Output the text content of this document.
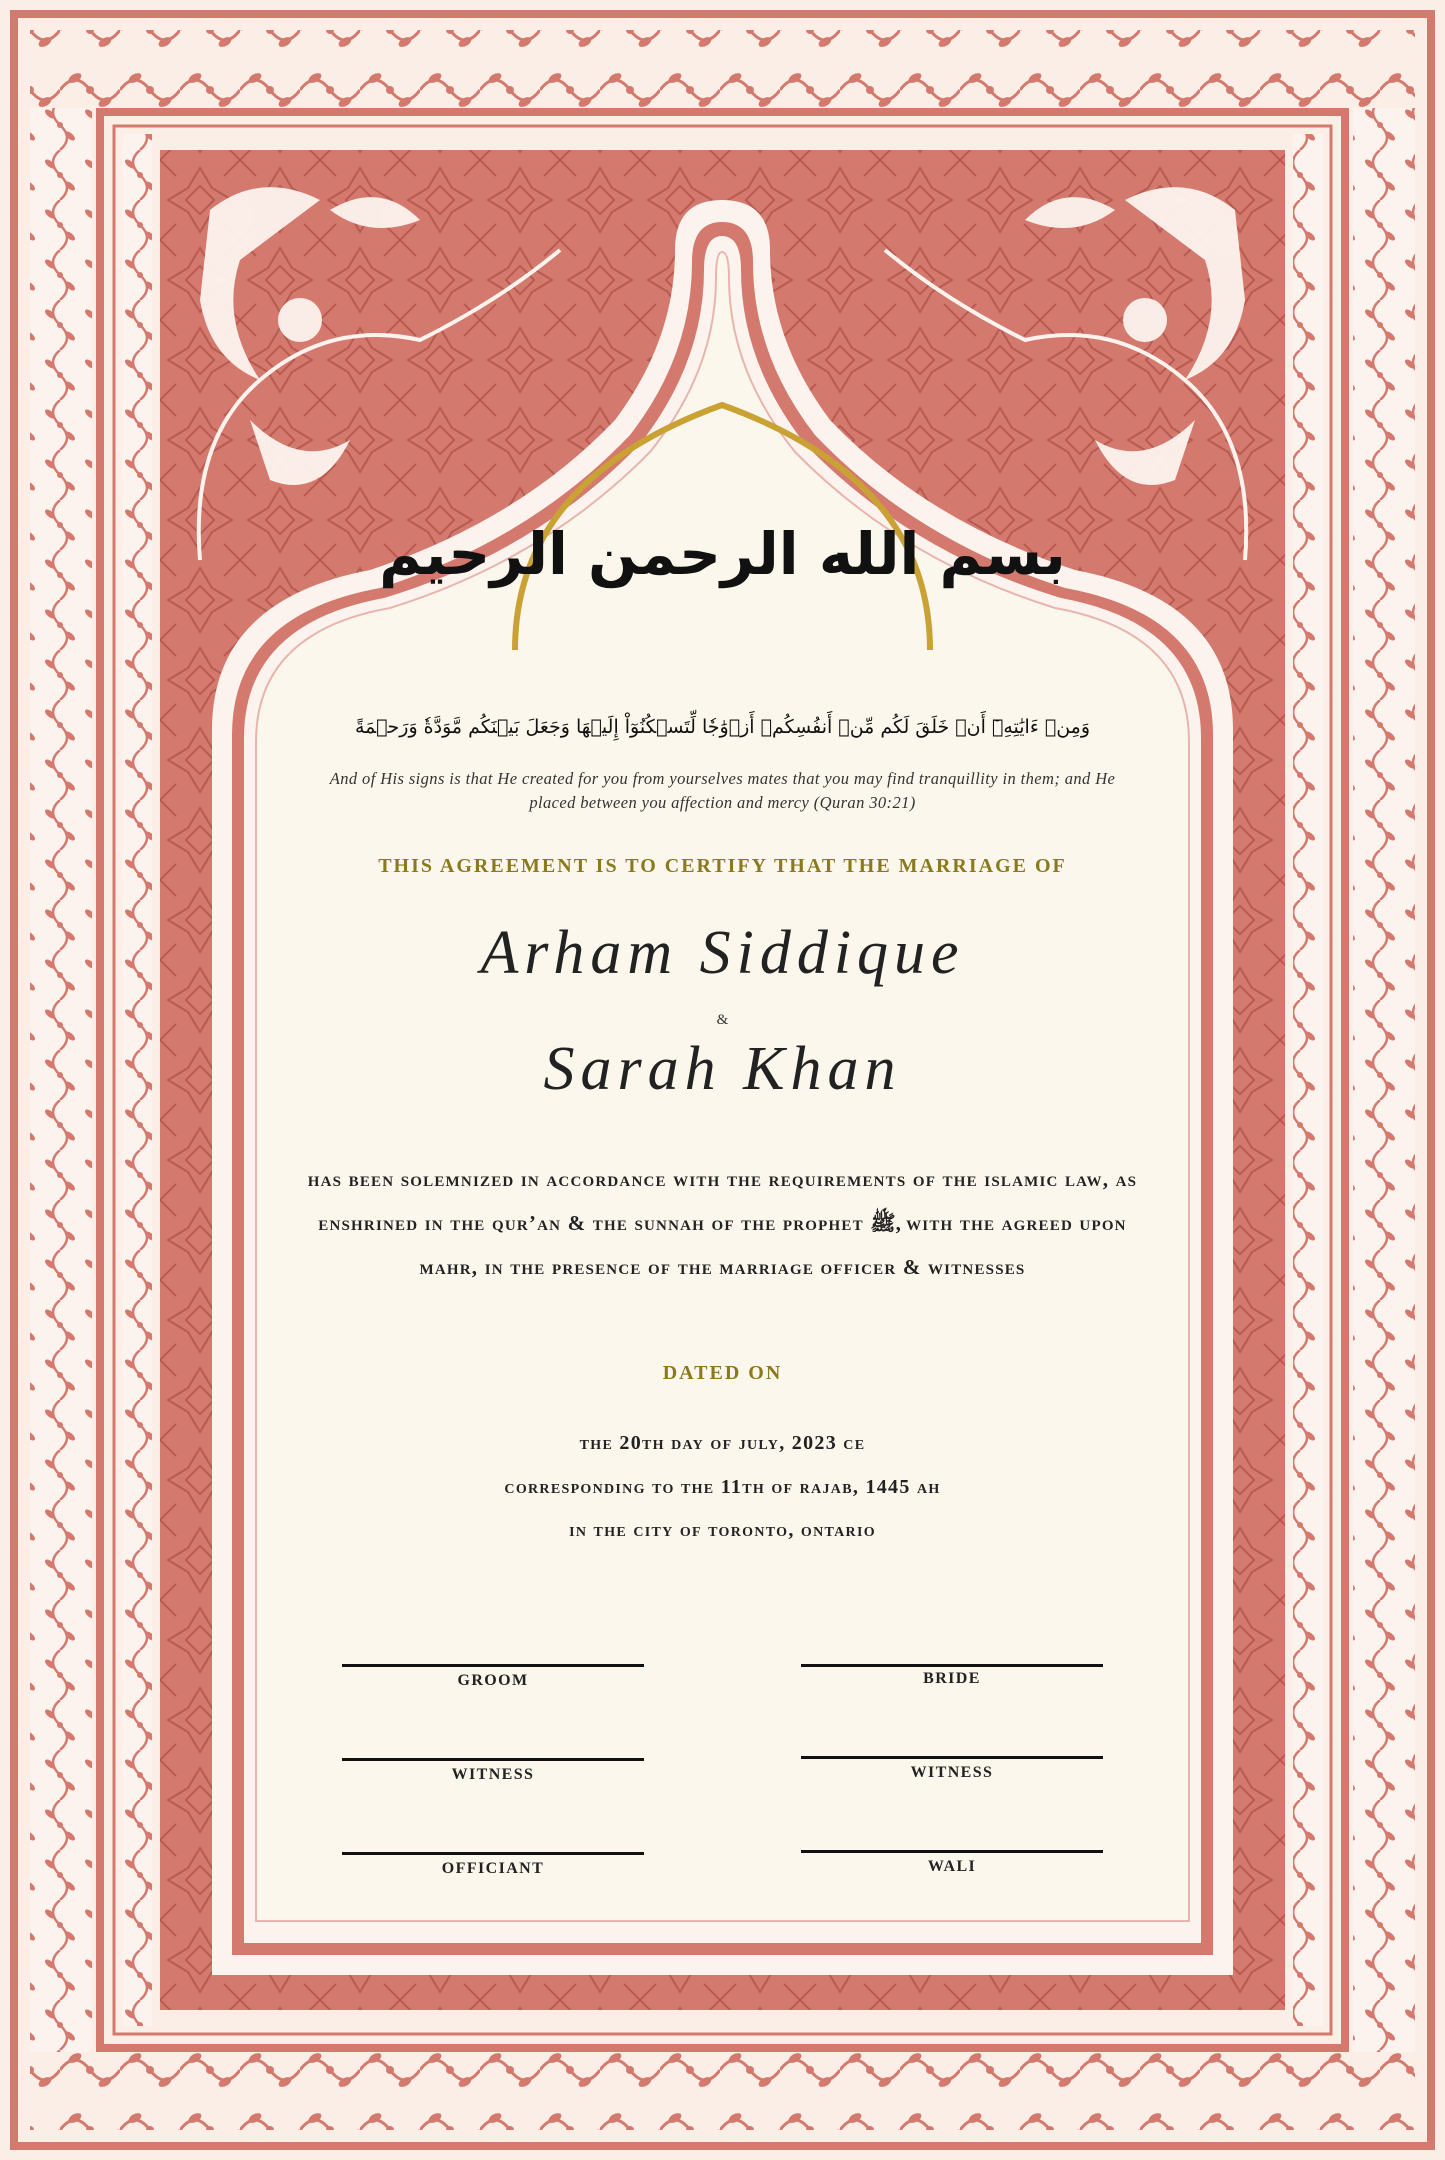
بسم الله الرحمن الرحيم
وَمِنۡ ءَايَٰتِهِۦٓ أَنۡ خَلَقَ لَكُم مِّنۡ أَنفُسِكُمۡ أَزۡوَٰجٗا لِّتَسۡكُنُوٓاْ إِلَيۡهَا وَجَعَلَ بَيۡنَكُم مَّوَدَّةٗ وَرَحۡمَةً
And of His signs is that He created for you from yourselves mates that you may find tranquillity in them; and He placed between you affection and mercy (Quran 30:21)
THIS AGREEMENT IS TO CERTIFY THAT THE MARRIAGE OF
Arham Siddique
&
Sarah Khan
has been solemnized in accordance with the requirements of the islamic law, as enshrined in the qur’an & the sunnah of the prophet ﷺ, with the agreed upon mahr, in the presence of the marriage officer & witnesses
DATED ON
the 20th day of july, 2023 ce
corresponding to the 11th of rajab, 1445 ah
in the city of toronto, ontario
GROOM	BRIDE
WITNESS	WITNESS
OFFICIANT	WALI
